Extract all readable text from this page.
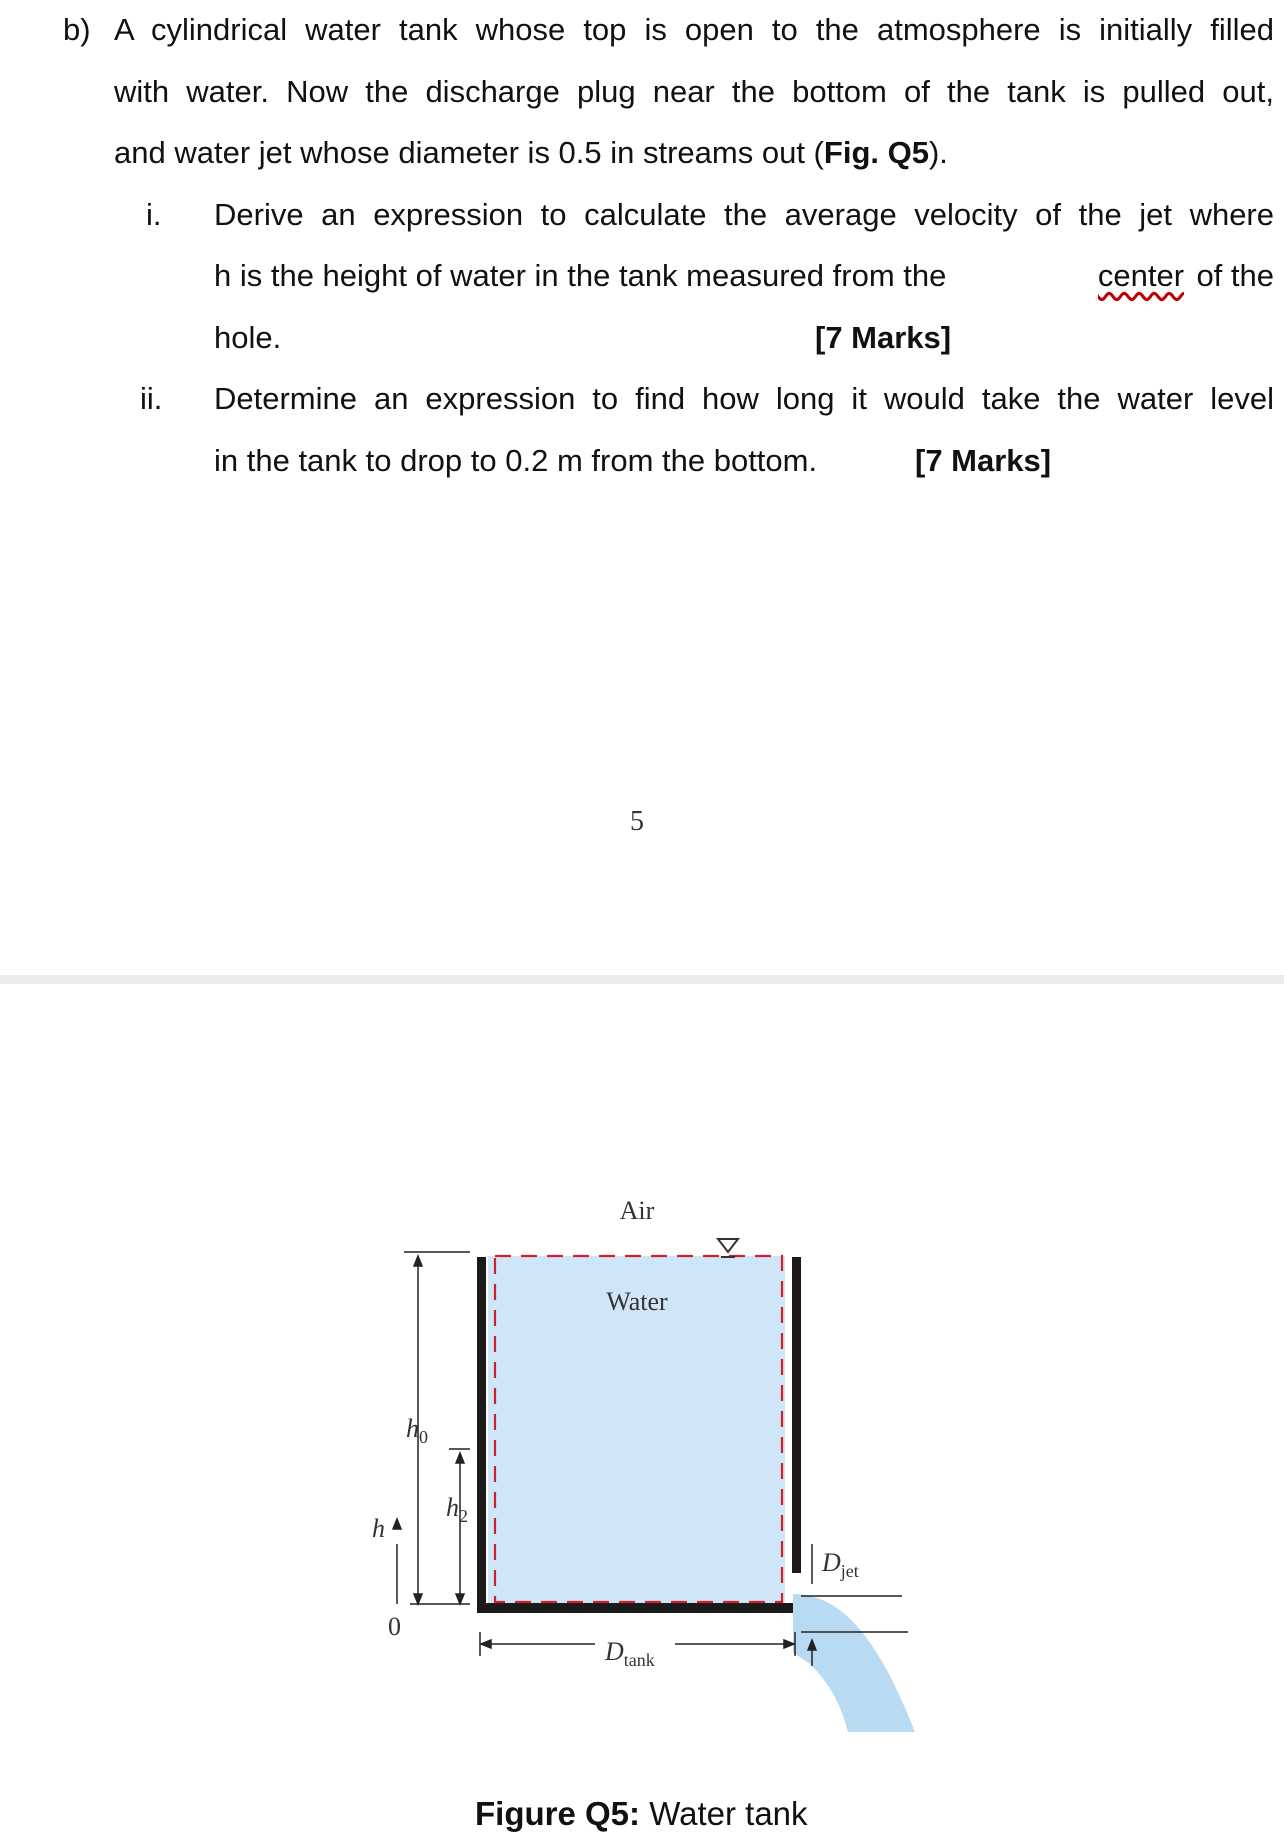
b) A cylindrical water tank whose top is open to the atmosphere is initially filled
with water. Now the discharge plug near the bottom of the tank is pulled out,
and water jet whose diameter is 0.5 in streams out (Fig. Q5).
i. Derive an expression to calculate the average velocity of the jet where
h is the height of water in the tank measured from the	center of the
hole.	[7 Marks]
ii. Determine an expression to find how long it would take the water level
in the tank to drop to 0.2 m from the bottom.	[7 Marks]
5
Air
Water
$h_0$
$h_2$
h
0
$D_{jet}$
$D_{tank}$
Figure Q5: Water tank
